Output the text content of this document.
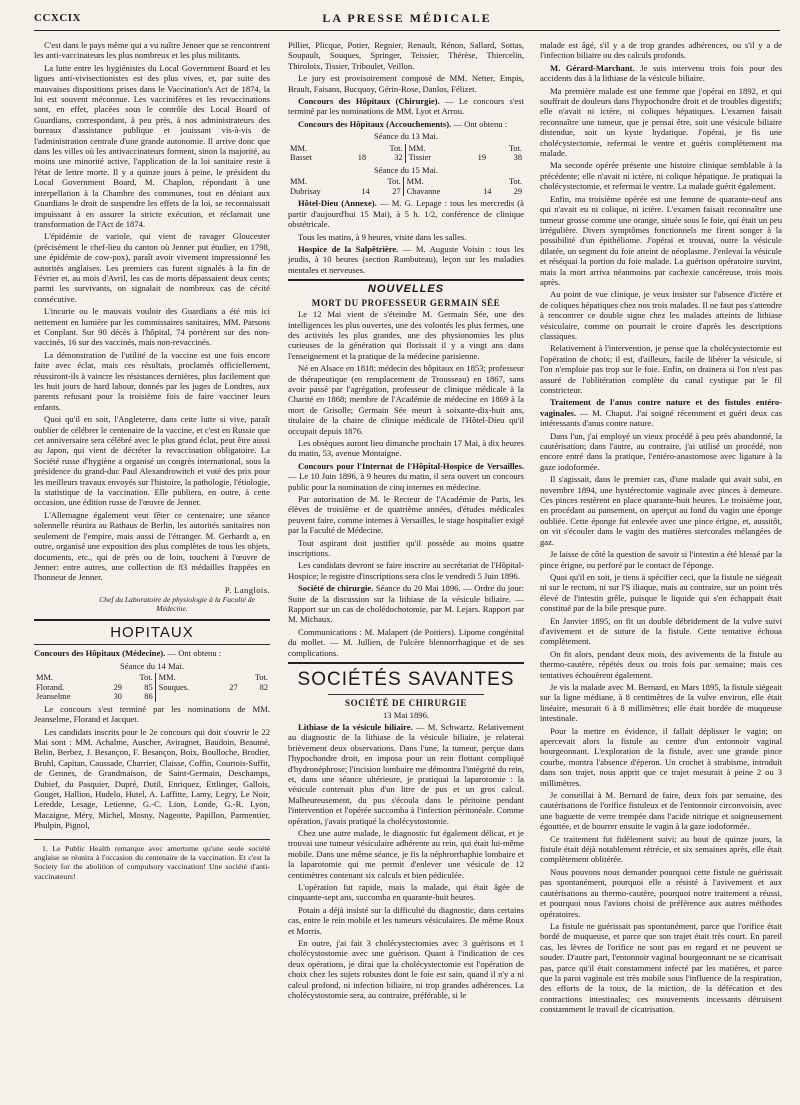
CCXCIX	LA PRESSE MÉDICALE

C'est dans le pays même qui a vu naître Jenner que se rencontrent les anti-vaccinateurs les plus nombreux et les plus militants.

La lutte entre les hygiénistes du Local Government Board et les ligues anti-vivisectionistes est des plus vives, et, par suite des mauvaises dispositions prises dans le Vaccination's Act de 1874, la loi est souvent méconnue. Les vaccinifères et les revaccinations sont, en effet, placées sous le contrôle des Local Board of Guardians, correspondant, à peu près, à nos administrateurs des bureaux d'assistance publique et jouissant vis-à-vis de l'administration centrale d'une grande autonomie. Il arrive donc que dans les villes où les antivaccinateurs forment, sinon la majorité, au moins une minorité active, l'application de la loi sanitaire reste à l'état de lettre morte. Il y a quinze jours à peine, le président du Local Government Board, M. Chaplon, répondant à une interpellation à la Chambre des communes, tout en déniant aux Guardians le droit de suspendre les effets de la loi, se reconnaissait impuissant à en assurer la stricte exécution, et réclamait une transformation de l'Act de 1874.

L'épidémie de variole, qui vient de ravager Gloucester (précisément le chef-lieu du canton où Jenner put étudier, en 1798, une épidémie de cow-pox), paraît avoir vivement impressionné les autorités anglaises. Les premiers cas furent signalés à la fin de Février et, au mois d'Avril, les cas de morts dépassaient deux cents; parmi les survivants, on signalait de nombreux cas de cécité consécutive.

L'incurie ou le mauvais vouloir des Guardians a été mis ici nettement en lumière par les commissaires sanitaires, MM. Parsons et Conplant. Sur 90 décès à l'hôpital, 74 portèrent sur des non-vaccinés, 16 sur des vaccinés, mais non-revaccinés.

La démonstration de l'utilité de la vaccine est une fois encore faite avec éclat, mais ces résultats, proclamés officiellement, réussiront-ils à vaincre les résistances dernières, plus facilement que les huit jours de hard labour, donnés par les juges de Londres, aux parents refusant pour la troisième fois de faire vacciner leurs enfants.

Quoi qu'il en soit, l'Angleterre, dans cette lutte si vive, paraît oublier de célébrer le centenaire de la vaccine, et c'est en Russie que cet anniversaire sera célébré avec le plus grand éclat, peut être aussi au Japon, qui vient de décréter la revaccination obligatoire. La Société russe d'hygiène a organisé un congrès international, sous la présidence du grand-duc Paul Alexandrowitch et voté des prix pour les meilleurs travaux envoyés sur l'histoire, la pathologie, l'étiologie, la statistique de la vaccination. Elle publiera, en outre, à cette occasion, une édition russe de l'œuvre de Jenner.

L'Allemagne également veut fêter ce centenaire; une séance solennelle réunira au Rathaus de Berlin, les autorités sanitaires non seulement de l'empire, mais aussi de l'étranger. M. Gerhardt a, en outre, organisé une exposition des plus complètes de tous les objets, documents, etc., qui de près ou de loin, touchent à l'œuvre de Jenner: entre autres, une collection de 83 médailles frappées en l'honneur de Jenner.

P. Langlois.

Chef du Laboratoire de physiologie à la Faculté de Médecine.

HOPITAUX

Concours des Hôpitaux (Médecine). — Ont obtenu :

Séance du 14 Mai.

MM.		Tot.		MM.		Tot.
Florand.	29	85		Souques.	27	82
Jeanselme	30	86				

Le concours s'est terminé par les nominations de MM. Jeanselme, Florand et Jacquet.

Les candidats inscrits pour le 2e concours qui doit s'ouvrir le 22 Mai sont : MM. Achalme, Auscher, Aviragnet, Baudoin, Beaumé, Belin, Berbez, J. Besançon, F. Besançon, Boix, Boulloche, Brodier, Bruhl, Capitan, Caussade, Charrier, Claisse, Coffin, Courtois-Suffit, de Gennes, de Grandmaison, de Saint-Germain, Deschamps, Dubief, du Pasquier, Dupré, Dutil, Enriquez, Ettlinger, Gallois, Gouget, Hallion, Hudelo, Hutel, A. Laffitte, Lamy, Legry, Le Noir, Leredde, Lesage, Letienne, G.-C. Lion, Londe, G.-R. Lyon, Macaigne, Méry, Michel, Mosny, Nageotte, Papillon, Parmentier, Phulpin, Pignol,

1. Le Public Health remarque avec amertume qu'une seule société anglaise se réunira à l'occasion du centenaire de la vaccination. Et c'est la Society for the abolition of compulsory vaccination! Une société d'anti-vaccinateurs!

Pilliet, Plicque, Potier, Regnier, Renault, Rénon, Sallard, Sottas, Soupault, Souques, Springer, Teissier, Thérèse, Thiercelin, Thiroloix, Tissier, Triboulet, Veillon.

Le jury est provisoirement composé de MM. Netter, Empis, Brault, Faisans, Bucquoy, Gérin-Rose, Danlos, Félizet.

Concours des Hôpitaux (Chirurgie). — Le concours s'est terminé par les nominations de MM. Lyot et Arrou.

Concours des Hôpitaux (Accouchements). — Ont obtenu :

Séance du 13 Mai.

MM.		Tot.		MM.		Tot.
Basset	18	32		Tissier	19	38

Séance du 15 Mai.

MM.		Tot.		MM.		Tot.
Dubrisay	14	27		Chavanne	14	29

Hôtel-Dieu (Annexe). — M. G. Lepage : tous les mercredis (à partir d'aujourd'hui 15 Mai), à 5 h. 1/2, conférence de clinique obstétricale.

Tous les matins, à 9 heures, visite dans les salles.

Hospice de la Salpêtrière. — M. Auguste Voisin : tous les jeudis, à 10 heures (section Rambuteau), leçon sur les maladies mentales et nerveuses.

NOUVELLES
MORT DU PROFESSEUR GERMAIN SÉE

Le 12 Mai vient de s'éteindre M. Germain Sée, une des intelligences les plus ouvertes, une des volontés les plus fermes, une des activités les plus grandes, une des physionomies les plus curieuses de la génération qui florissait il y a vingt ans dans l'enseignement et la pratique de la médecine parisienne.

Né en Alsace en 1818; médecin des hôpitaux en 1853; professeur de thérapeutique (en remplacement de Trousseau) en 1867, sans avoir passé par l'agrégation, professeur de clinique médicale à la Charité en 1868; membre de l'Académie de médecine en 1869 à la mort de Grisolle; Germain Sée meurt à soixante-dix-huit ans, titulaire de la chaire de clinique médicale de l'Hôtel-Dieu qu'il occupait depuis 1876.

Les obsèques auront lieu dimanche prochain 17 Mai, à dix heures du matin, 53, avenue Montaigne.

Concours pour l'Internat de l'Hôpital-Hospice de Versailles. — Le 10 Juin 1896, à 9 heures du matin, il sera ouvert un concours public pour la nomination de cinq internes en médecine.

Par autorisation de M. le Recteur de l'Académie de Paris, les élèves de troisième et de quatrième années, d'études médicales peuvent faire, comme internes à Versailles, le stage hospitalier exigé par la Faculté de Médecine.

Tout aspirant doit justifier qu'il possède au moins quatre inscriptions.

Les candidats devront se faire inscrire au secrétariat de l'Hôpital-Hospice; le registre d'inscriptions sera clos le vendredi 5 Juin 1896.

Société de chirurgie. Séance du 20 Mai 1896. — Ordre du jour: Suite de la discussion sur la lithiase de la vésicule biliaire. — Rapport sur un cas de cholédochotomie, par M. Lejars. Rapport par M. Michaux.

Communications : M. Malapert (de Poitiers). Lipome congénital du mollet. — M. Jullien, de l'ulcère blennorrhagique et de ses complications.

SOCIÉTÉS SAVANTES
SOCIÉTÉ DE CHIRURGIE

13 Mai 1896.

Lithiase de la vésicule biliaire. — M. Schwartz. Relativement au diagnostic de la lithiase de la vésicule biliaire, je relaterai brièvement deux observations. Dans l'une, la tumeur, perçue dans l'hypochondre droit, en imposa pour un rein flottant compliqué d'hydronéphrose; l'incision lombaire me démontra l'intégrité du rein, et, dans une séance ultérieure, je pratiquai la laparotomie : la vésicule contenait plus d'un litre de pus et un gros calcul. Malheureusement, du pus s'écoula dans le péritoine pendant l'intervention et l'opérée succomba à l'infection péritonéale. Comme opération, j'avais pratiqué la cholécystostomie.

Chez une autre malade, le diagnostic fut également délicat, et je trouvai une tumeur vésiculaire adhérente au rein, qui était lui-même mobile. Dans une même séance, je fis la néphrorrhaphie lombaire et la laparotomie qui me permit d'enlever une vésicule de 12 centimètres contenant six calculs et bien pédiculée.

L'opération fut rapide, mais la malade, qui était âgée de cinquante-sept ans, succomba en quarante-huit heures.

Potain a déjà insisté sur la difficulté du diagnostic, dans certains cas, entre le rein mobile et les tumeurs vésiculaires. De même Roux et Morris.

En outre, j'ai fait 3 cholécystectomies avec 3 guérisons et 1 cholécystostomie avec une guérison. Quant à l'indication de ces deux opérations, je dirai que la cholécystectomie est l'opération de choix chez les sujets robustes dont le foie est sain, quand il n'y a ni calcul profond, ni infection biliaire, ni trop grandes adhérences. La cholécystostomie sera, au contraire, préférable, si le

malade est âgé, s'il y a de trop grandes adhérences, ou s'il y a de l'infection biliaire ou des calculs profonds.

M. Gérard-Marchant. Je suis intervenu trois fois pour des accidents dus à la lithiase de la vésicule biliaire.

Ma première malade est une femme que j'opérai en 1892, et qui souffrait de douleurs dans l'hypochondre droit et de troubles digestifs; elle n'avait ni ictère, ni coliques hépatiques. L'examen faisait reconnaître une tumeur, que je pensai être, soit une vésicule biliaire distendue, soit un kyste hydatique. J'opérai, je fis une cholécystectomie, refermai le ventre et guéris complètement ma malade.

Ma seconde opérée présente une histoire clinique semblable à la précédente; elle n'avait ni ictère, ni colique hépatique. Je pratiquai la cholécystectomie, et refermai le ventre. La malade guérit également.

Enfin, ma troisième opérée est une femme de quarante-neuf ans qui n'avait eu ni colique, ni ictère. L'examen faisait reconnaître une tumeur grosse comme une orange, située sous le foie, qui était un peu irrégulière. Divers symptômes fonctionnels me firent songer à la possibilité d'un épithéliome. J'opérai et trouvai, outre la vésicule dilatée, un segment du foie atteint de néoplasme. J'enlevai la vésicule et réséquai la portion du foie malade. La guérison opératoire survint, mais la mort arriva néanmoins par cachexie cancéreuse, trois mois après.

Au point de vue clinique, je veux insister sur l'absence d'ictère et de coliques hépatiques chez nos trois malades. Il ne faut pas s'attendre à rencontrer ce double signe chez les malades atteints de lithiase vésiculaire, comme on pourrait le croire d'après les descriptions classiques.

Relativement à l'intervention, je pense que la cholécystectomie est l'opération de choix; il est, d'ailleurs, facile de libérer la vésicule, si l'on n'emploie pas trop sur le foie. Enfin, on drainera si l'on n'est pas assuré de l'oblitération complète du canal cystique par le fil constricteur.

Traitement de l'anus contre nature et des fistules entéro-vaginales. — M. Chaput. J'ai soigné récemment et guéri deux cas intéressants d'anus contre nature.

Dans l'un, j'ai employé un vieux procédé à peu près abandonné, la cautérisation; dans l'autre, au contraire, j'ai utilisé un procédé, non encore entré dans la pratique, l'entéro-anastomose avec ligature à la gaze iodoformée.

Il s'agissait, dans le premier cas, d'une malade qui avait subi, en novembre 1894, une hystérectomie vaginale avec pinces à demeure. Ces pinces restèrent en place quarante-huit heures. Le troisième jour, en procédant au pansement, on aperçut au fond du vagin une éponge oubliée. Cette éponge fut enlevée avec une pince érigne, et, aussitôt, on vit s'écouler dans le vagin des matières stercorales mélangées de gaz.

Je laisse de côté la question de savoir si l'intestin a été blessé par la pince érigne, ou perforé par le contact de l'éponge.

Quoi qu'il en soit, je tiens à spécifier ceci, que la fistule ne siégeait ni sur le rectum, ni sur l'S iliaque, mais au contraire, sur un point très élevé de l'intestin grêle, puisque le liquide qui s'en échappait était constitué par de la bile presque pure.

En Janvier 1895, on fit un double débridement de la vulve suivi d'avivement et de suture de la fistule. Cette tentative échoua complètement.

On fit alors, pendant deux mois, des avivements de la fistule au thermo-cautère, répétés deux ou trois fois par semaine; mais ces tentatives échouèrent également.

Je vis la malade avec M. Bernard, en Mars 1895, la fistule siégeait sur la ligne médiane, à 8 centimètres de la vulve environ, elle était linéaire, mesurait 6 à 8 millimètres; elle était bordée de muqueuse intestinale.

Pour la mettre en évidence, il fallait déplisser le vagin; on apercevait alors la fistule au centre d'un entonnoir vaginal bourgeonnant. L'exploration de la fistule, avec une grande pince courbe, montra l'absence d'éperon. Un crochet à strabisme, introduit dans son trajet, nous apprit que ce trajet mesurait à peine 2 ou 3 millimètres.

Je conseillai à M. Bernard de faire, deux fois par semaine, des cautérisations de l'orifice fistuleux et de l'entonnoir circonvoisin, avec une baguette de verre trempée dans l'acide nitrique et soigneusement égouttée, et de bourrer ensuite le vagin à la gaze iodoformée.

Ce traitement fut fidèlement suivi; au bout de quinze jours, la fistule était déjà notablement rétrécie, et six semaines après, elle était complètement oblitérée.

Nous pouvons nous demander pourquoi cette fistule ne guérissait pas spontanément, pourquoi elle a résisté à l'avivement et aux cautérisations au thermo-cautère, pourquoi notre traitement a réussi, et pourquoi nous l'avions choisi de préférence aux autres méthodes opératoires.

La fistule ne guérissait pas spontanément, parce que l'orifice était bordé de muqueuse, et parce que son trajet était très court. En pareil cas, les lèvres de l'orifice ne sont pas en regard et ne peuvent se souder. D'autre part, l'entonnoir vaginal bourgeonnant ne se cicatrisait pas, parce qu'il était constamment infecté par les matières, et parce que la paroi vaginale est très mobile sous l'influence de la respiration, des efforts de la toux, de la miction, de la défécation et des contractions intestinales; ces mouvements incessants détruisent constamment le travail de cicatrisation.
